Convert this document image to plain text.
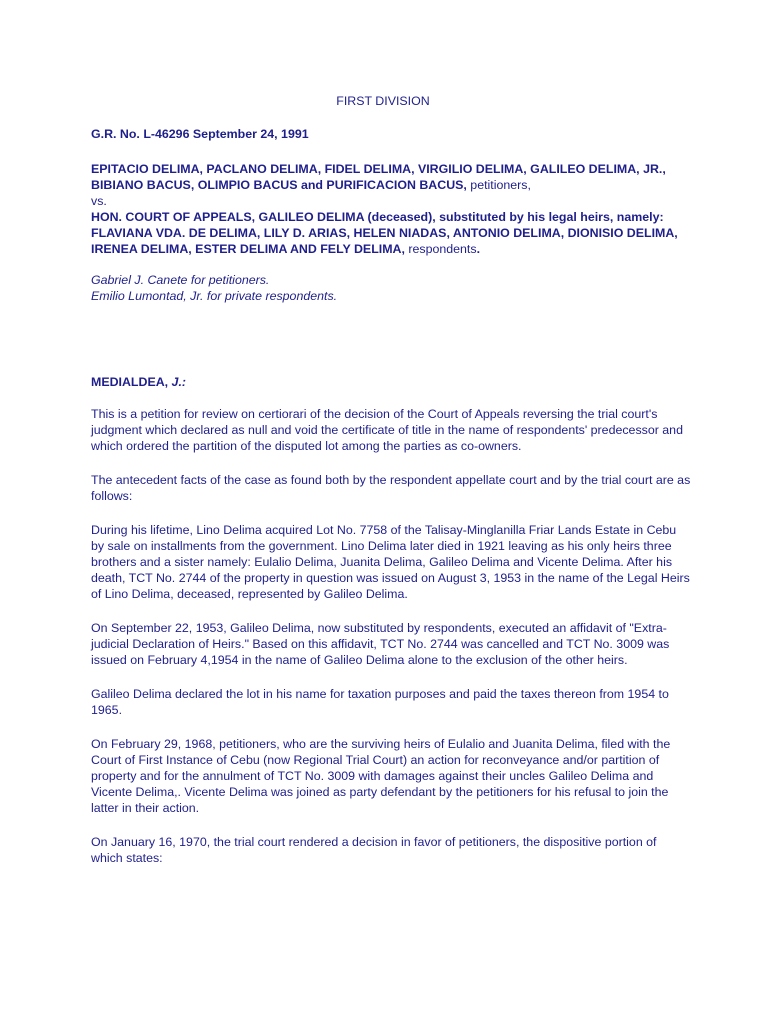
FIRST DIVISION
G.R. No. L-46296 September 24, 1991
EPITACIO DELIMA, PACLANO DELIMA, FIDEL DELIMA, VIRGILIO DELIMA, GALILEO DELIMA, JR., BIBIANO BACUS, OLIMPIO BACUS and PURIFICACION BACUS, petitioners,
vs.
HON. COURT OF APPEALS, GALILEO DELIMA (deceased), substituted by his legal heirs, namely: FLAVIANA VDA. DE DELIMA, LILY D. ARIAS, HELEN NIADAS, ANTONIO DELIMA, DIONISIO DELIMA, IRENEA DELIMA, ESTER DELIMA AND FELY DELIMA, respondents.
Gabriel J. Canete for petitioners.
Emilio Lumontad, Jr. for private respondents.
MEDIALDEA, J.:

This is a petition for review on certiorari of the decision of the Court of Appeals reversing the trial court's judgment which declared as null and void the certificate of title in the name of respondents' predecessor and which ordered the partition of the disputed lot among the parties as co-owners.

The antecedent facts of the case as found both by the respondent appellate court and by the trial court are as follows:

During his lifetime, Lino Delima acquired Lot No. 7758 of the Talisay-Minglanilla Friar Lands Estate in Cebu by sale on installments from the government. Lino Delima later died in 1921 leaving as his only heirs three brothers and a sister namely: Eulalio Delima, Juanita Delima, Galileo Delima and Vicente Delima. After his death, TCT No. 2744 of the property in question was issued on August 3, 1953 in the name of the Legal Heirs of Lino Delima, deceased, represented by Galileo Delima.

On September 22, 1953, Galileo Delima, now substituted by respondents, executed an affidavit of "Extra-judicial Declaration of Heirs." Based on this affidavit, TCT No. 2744 was cancelled and TCT No. 3009 was issued on February 4,1954 in the name of Galileo Delima alone to the exclusion of the other heirs.

Galileo Delima declared the lot in his name for taxation purposes and paid the taxes thereon from 1954 to 1965.

On February 29, 1968, petitioners, who are the surviving heirs of Eulalio and Juanita Delima, filed with the Court of First Instance of Cebu (now Regional Trial Court) an action for reconveyance and/or partition of property and for the annulment of TCT No. 3009 with damages against their uncles Galileo Delima and Vicente Delima,. Vicente Delima was joined as party defendant by the petitioners for his refusal to join the latter in their action.

On January 16, 1970, the trial court rendered a decision in favor of petitioners, the dispositive portion of which states:
